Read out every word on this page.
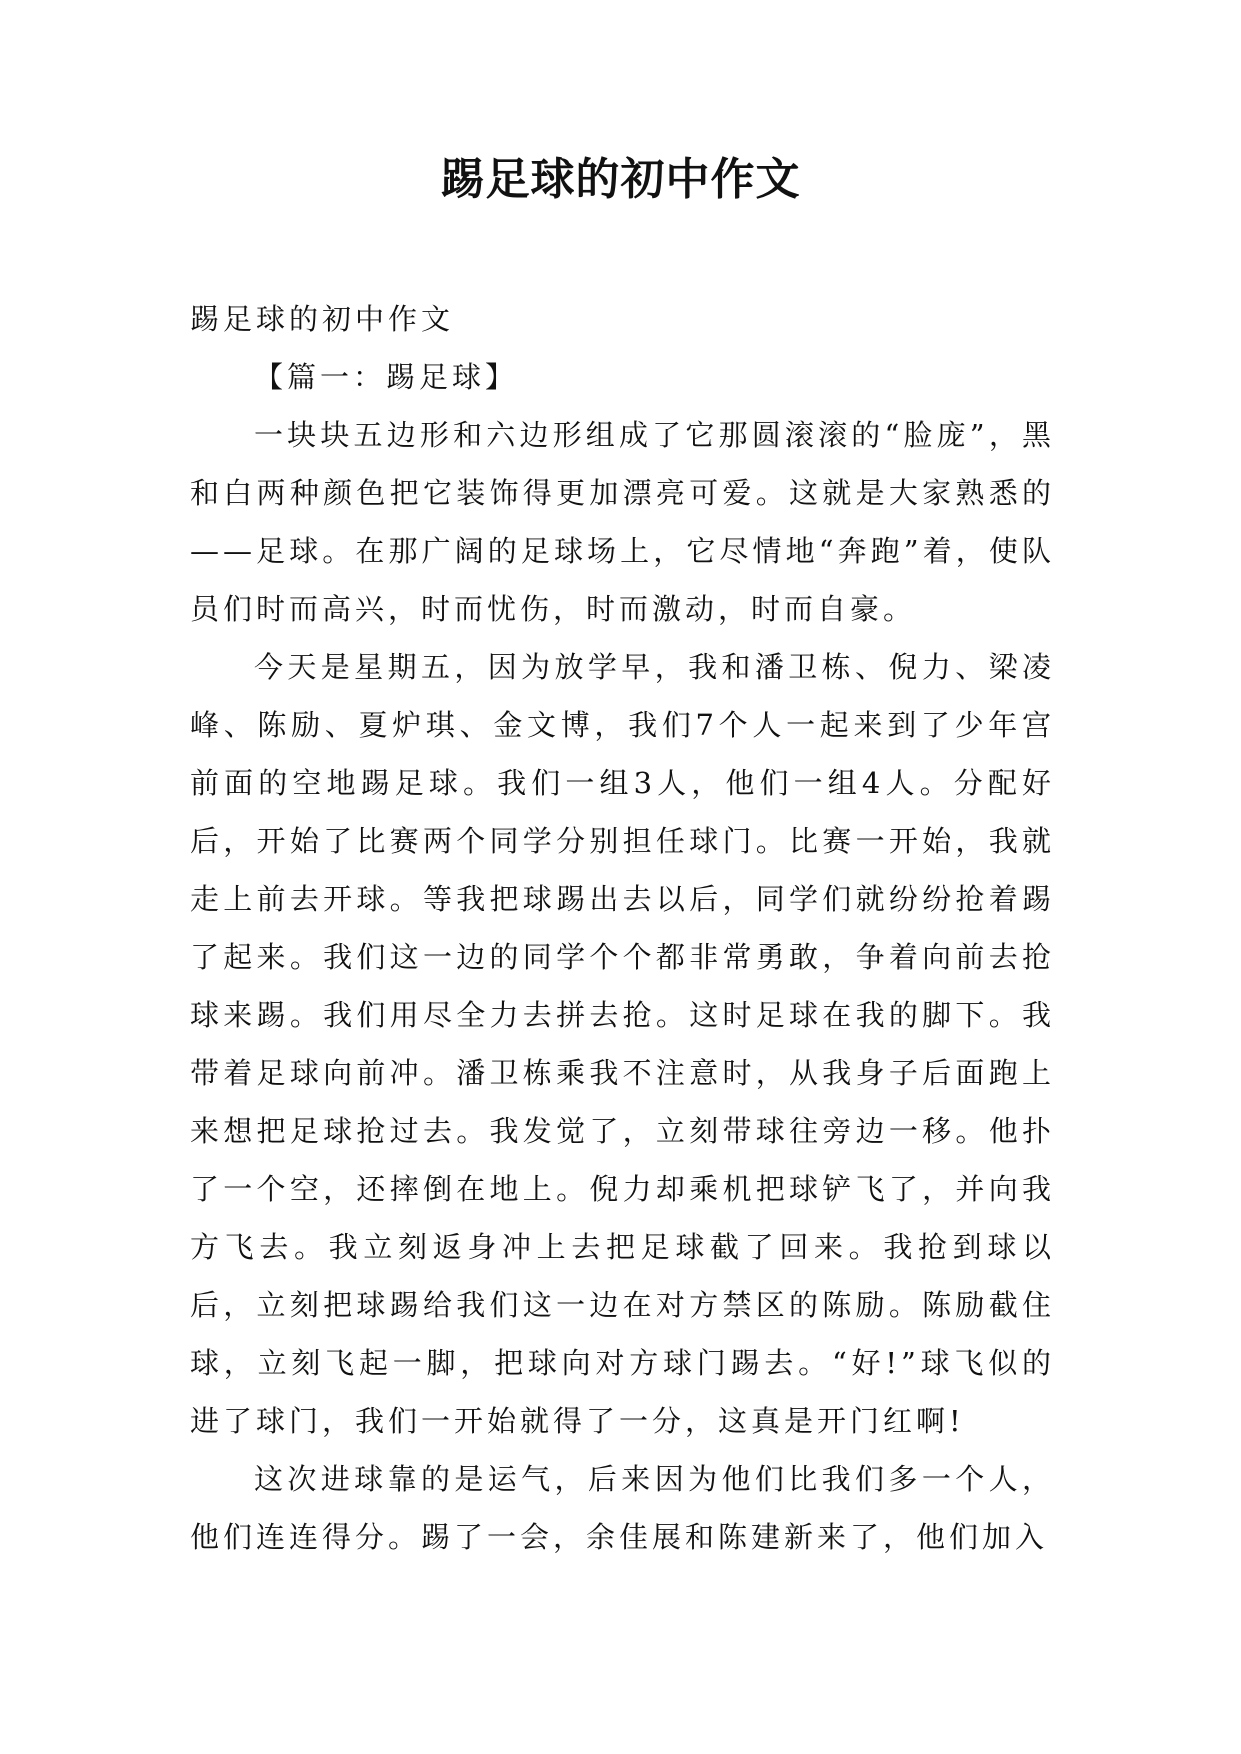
踢足球的初中作文

踢足球的初中作文

【篇一：踢足球】

一块块五边形和六边形组成了它那圆滚滚的“脸庞”，黑和白两种颜色把它装饰得更加漂亮可爱。这就是大家熟悉的——足球。在那广阔的足球场上，它尽情地“奔跑”着，使队员们时而高兴，时而忧伤，时而激动，时而自豪。

今天是星期五，因为放学早，我和潘卫栋、倪力、梁凌峰、陈励、夏炉琪、金文博，我们7个人一起来到了少年宫前面的空地踢足球。我们一组3人，他们一组4人。分配好后，开始了比赛两个同学分别担任球门。比赛一开始，我就走上前去开球。等我把球踢出去以后，同学们就纷纷抢着踢了起来。我们这一边的同学个个都非常勇敢，争着向前去抢球来踢。我们用尽全力去拼去抢。这时足球在我的脚下。我带着足球向前冲。潘卫栋乘我不注意时，从我身子后面跑上来想把足球抢过去。我发觉了，立刻带球往旁边一移。他扑了一个空，还摔倒在地上。倪力却乘机把球铲飞了，并向我方飞去。我立刻返身冲上去把足球截了回来。我抢到球以后，立刻把球踢给我们这一边在对方禁区的陈励。陈励截住球，立刻飞起一脚，把球向对方球门踢去。“好!”球飞似的进了球门，我们一开始就得了一分，这真是开门红啊!

这次进球靠的是运气，后来因为他们比我们多一个人，他们连连得分。踢了一会，余佳展和陈建新来了，他们加入
